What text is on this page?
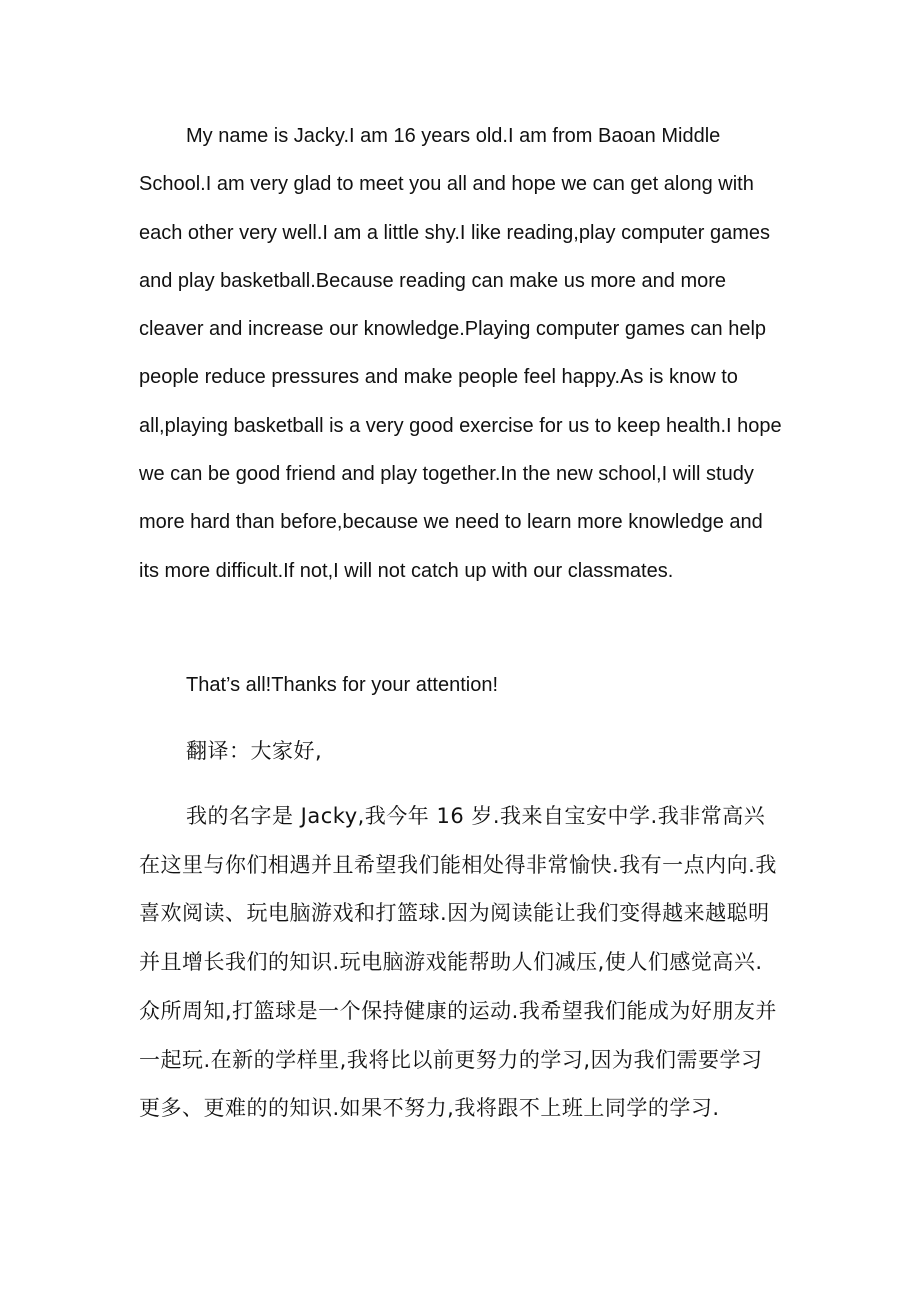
My name is Jacky.I am 16 years old.I am from Baoan Middle School.I am very glad to meet you all and hope we can get along with each other very well.I am a little shy.I like reading,play computer games and play basketball.Because reading can make us more and more cleaver and increase our knowledge.Playing computer games can help people reduce pressures and make people feel happy.As is know to all,playing basketball is a very good exercise for us to keep health.I hope we can be good friend and play together.In the new school,I will study more hard than before,because we need to learn more knowledge and its more difficult.If not,I will not catch up with our classmates.

That’s all!Thanks for your attention!

翻译：大家好,

我的名字是 Jacky,我今年 16 岁.我来自宝安中学.我非常高兴在这里与你们相遇并且希望我们能相处得非常愉快.我有一点内向.我喜欢阅读、玩电脑游戏和打篮球.因为阅读能让我们变得越来越聪明并且增长我们的知识.玩电脑游戏能帮助人们减压,使人们感觉高兴.众所周知,打篮球是一个保持健康的运动.我希望我们能成为好朋友并一起玩.在新的学样里,我将比以前更努力的学习,因为我们需要学习更多、更难的的知识.如果不努力,我将跟不上班上同学的学习.
